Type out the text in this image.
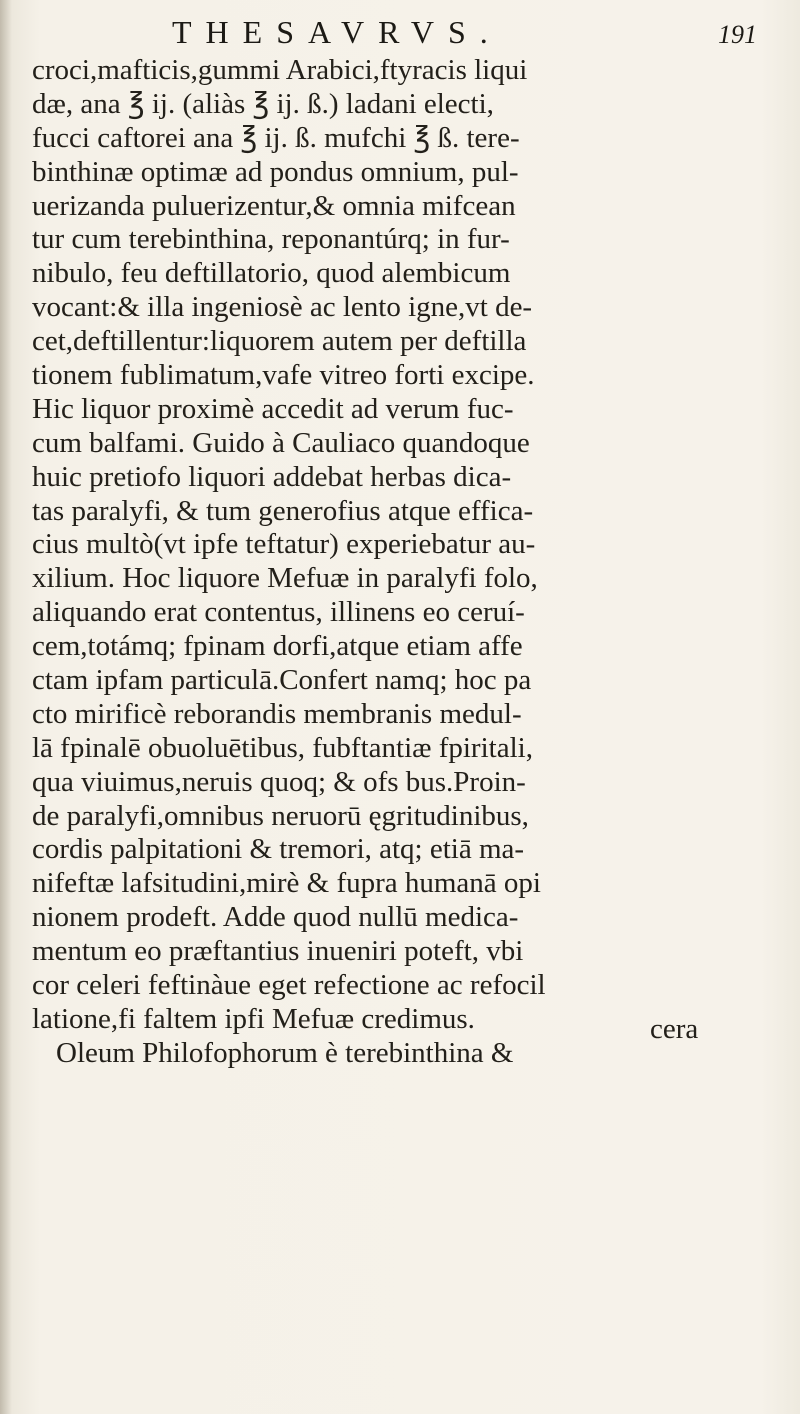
THESAVRVS.	191
croci,mafticis,gummi Arabici,ftyracis liqui
dæ, ana ℥ ij. (aliàs ℥ ij. ß.) ladani electi,
fucci caftorei ana ℥ ij. ß. mufchi ℥ ß. tere-
binthinæ optimæ ad pondus omnium, pul-
uerizanda puluerizentur,& omnia mifcean
tur cum terebinthina, reponantúrq; in fur-
nibulo, feu deftillatorio, quod alembicum
vocant:& illa ingeniosè ac lento igne,vt de-
cet,deftillentur:liquorem autem per deftilla
tionem fublimatum,vafe vitreo forti excipe.
Hic liquor proximè accedit ad verum fuc-
cum balfami. Guido à Cauliaco quandoque
huic pretiofo liquori addebat herbas dica-
tas paralyfi, & tum generofius atque effica-
cius multò(vt ipfe teftatur) experiebatur au-
xilium. Hoc liquore Mefuæ in paralyfi folo,
aliquando erat contentus, illinens eo ceruí-
cem,totámq; fpinam dorfi,atque etiam affe
ctam ipfam particulā.Confert namq; hoc pa
cto mirificè reborandis membranis medul-
lā fpinalē obuoluētibus, fubftantiæ fpiritali,
qua viuimus,neruis quoq; & ofs bus.Proin-
de paralyfi,omnibus neruorū ęgritudinibus,
cordis palpitationi & tremori, atq; etiā ma-
nifeftæ lafsitudini,mirè & fupra humanā opi
nionem prodeft. Adde quod nullū medica-
mentum eo præftantius inueniri poteft, vbi
cor celeri feftinàue eget refectione ac refocil
latione,fi faltem ipfi Mefuæ credimus.
Oleum Philofophorum è terebinthina &
cera
